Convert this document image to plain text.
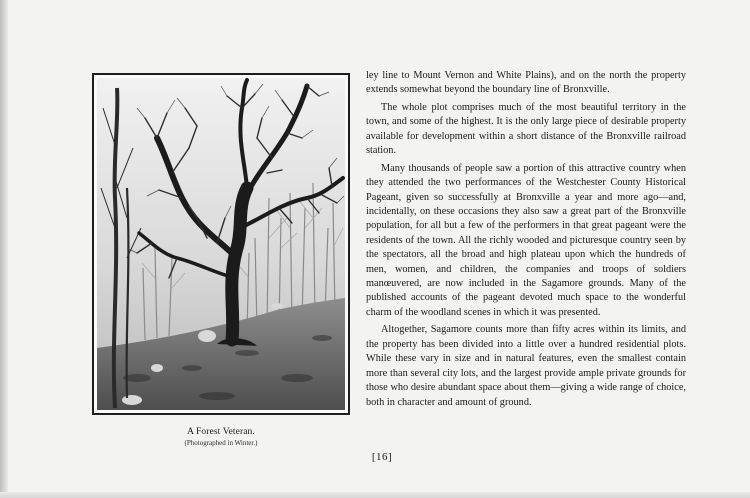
A Forest Veteran.
(Photographed in Winter.)

ley line to Mount Vernon and White Plains), and on the north the property extends somewhat beyond the boundary line of Bronxville.

The whole plot comprises much of the most beautiful territory in the town, and some of the highest. It is the only large piece of desirable property available for development within a short distance of the Bronxville railroad station.

Many thousands of people saw a portion of this attractive country when they attended the two performances of the Westchester County Historical Pageant, given so successfully at Bronxville a year and more ago—and, incidentally, on these occasions they also saw a great part of the Bronxville population, for all but a few of the performers in that great pageant were the residents of the town. All the richly wooded and picturesque country seen by the spectators, all the broad and high plateau upon which the hundreds of men, women, and children, the companies and troops of soldiers manœuvered, are now included in the Sagamore grounds. Many of the published accounts of the pageant devoted much space to the wonderful charm of the woodland scenes in which it was presented.

Altogether, Sagamore counts more than fifty acres within its limits, and the property has been divided into a little over a hundred residential plots. While these vary in size and in natural features, even the smallest contain more than several city lots, and the largest provide ample private grounds for those who desire abundant space about them—giving a wide range of choice, both in character and amount of ground.

[16]
